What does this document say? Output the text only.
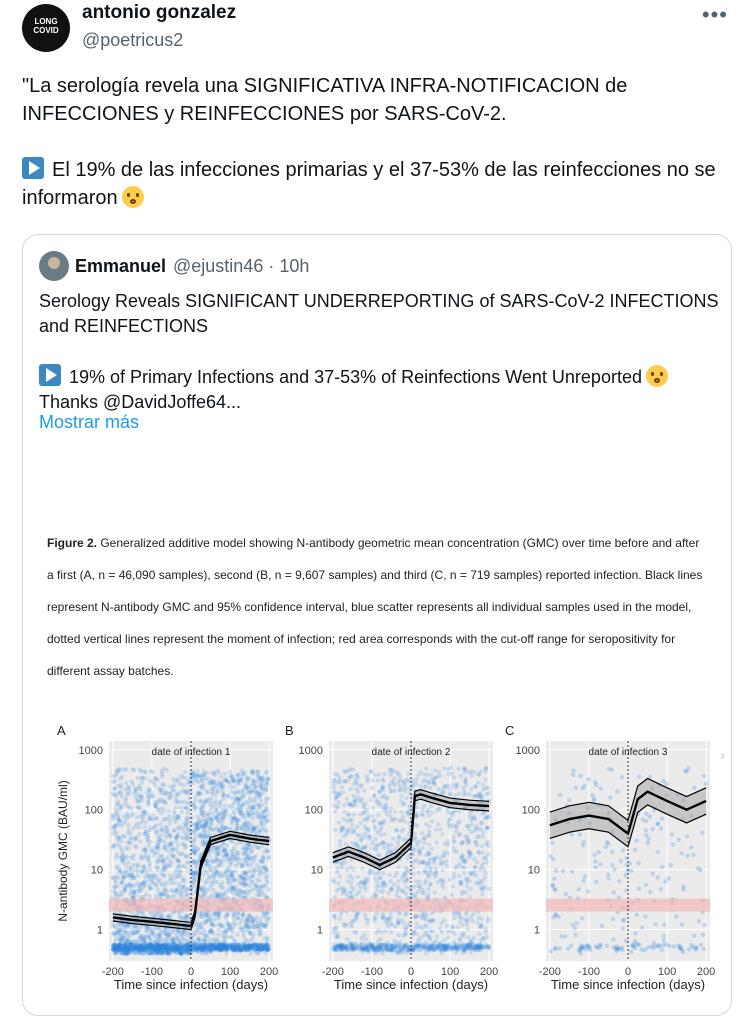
LONG
COVID
antonio gonzalez
@poetricus2
•••

"La serología revela una SIGNIFICATIVA INFRA-NOTIFICACION de INFECCIONES y REINFECCIONES por SARS-CoV-2.

El 19% de las infecciones primarias y el 37-53% de las reinfecciones no se informaron

Emmanuel @ejustin46 · 10h

Serology Reveals SIGNIFICANT UNDERREPORTING of SARS-CoV-2 INFECTIONS and REINFECTIONS

19% of Primary Infections and 37-53% of Reinfections Went Unreported

Thanks @DavidJoffe64...

Mostrar más
Figure 2. Generalized additive model showing N-antibody geometric mean concentration (GMC) over time before and after a first (A, n = 46,090 samples), second (B, n = 9,607 samples) and third (C, n = 719 samples) reported infection. Black lines represent N-antibody GMC and 95% confidence interval, blue scatter represents all individual samples used in the model, dotted vertical lines represent the moment of infection; red area corresponds with the cut-off range for seropositivity for different assay batches.
A
date of infection 1
1
10
100
1000
-200 -100 0 100 200
Time since infection (days)
N-antibody GMC (BAU/ml)
B
date of infection 2
1
10
100
1000
-200 -100 0 100 200
Time since infection (days)
C
date of infection 3
1
10
100
1000
-200 -100 0 100 200
Time since infection (days)
›
